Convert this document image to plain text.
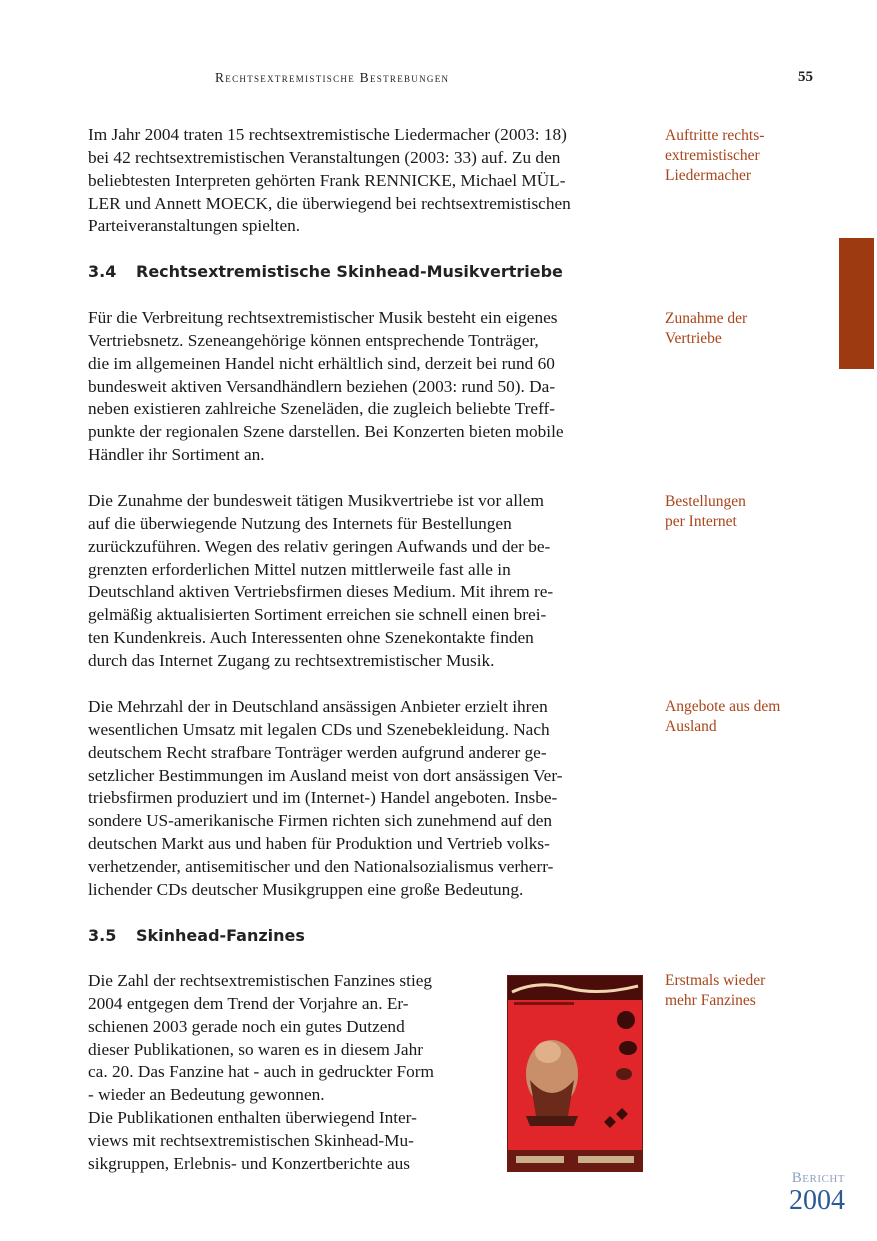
Rechtsextremistische Bestrebungen	55

Im Jahr 2004 traten 15 rechtsextremistische Liedermacher (2003: 18)
bei 42 rechtsextremistischen Veranstaltungen (2003: 33) auf. Zu den
beliebtesten Interpreten gehörten Frank RENNICKE, Michael MÜL-
LER und Annett MOECK, die überwiegend bei rechtsextremistischen
Parteiveranstaltungen spielten.

Auftritte rechts-
extremistischer
Liedermacher

3.4 Rechtsextremistische Skinhead-Musikvertriebe

Für die Verbreitung rechtsextremistischer Musik besteht ein eigenes
Vertriebsnetz. Szeneangehörige können entsprechende Tonträger,
die im allgemeinen Handel nicht erhältlich sind, derzeit bei rund 60
bundesweit aktiven Versandhändlern beziehen (2003: rund 50). Da-
neben existieren zahlreiche Szeneläden, die zugleich beliebte Treff-
punkte der regionalen Szene darstellen. Bei Konzerten bieten mobile
Händler ihr Sortiment an.

Zunahme der
Vertriebe

Die Zunahme der bundesweit tätigen Musikvertriebe ist vor allem
auf die überwiegende Nutzung des Internets für Bestellungen
zurückzuführen. Wegen des relativ geringen Aufwands und der be-
grenzten erforderlichen Mittel nutzen mittlerweile fast alle in
Deutschland aktiven Vertriebsfirmen dieses Medium. Mit ihrem re-
gelmäßig aktualisierten Sortiment erreichen sie schnell einen brei-
ten Kundenkreis. Auch Interessenten ohne Szenekontakte finden
durch das Internet Zugang zu rechtsextremistischer Musik.

Bestellungen
per Internet

Die Mehrzahl der in Deutschland ansässigen Anbieter erzielt ihren
wesentlichen Umsatz mit legalen CDs und Szenebekleidung. Nach
deutschem Recht strafbare Tonträger werden aufgrund anderer ge-
setzlicher Bestimmungen im Ausland meist von dort ansässigen Ver-
triebsfirmen produziert und im (Internet-) Handel angeboten. Insbe-
sondere US-amerikanische Firmen richten sich zunehmend auf den
deutschen Markt aus und haben für Produktion und Vertrieb volks-
verhetzender, antisemitischer und den Nationalsozialismus verherr-
lichender CDs deutscher Musikgruppen eine große Bedeutung.

Angebote aus dem
Ausland

3.5 Skinhead-Fanzines

Die Zahl der rechtsextremistischen Fanzines stieg
2004 entgegen dem Trend der Vorjahre an. Er-
schienen 2003 gerade noch ein gutes Dutzend
dieser Publikationen, so waren es in diesem Jahr
ca. 20. Das Fanzine hat - auch in gedruckter Form
- wieder an Bedeutung gewonnen.
Die Publikationen enthalten überwiegend Inter-
views mit rechtsextremistischen Skinhead-Mu-
sikgruppen, Erlebnis- und Konzertberichte aus

Erstmals wieder
mehr Fanzines

Bericht
2004
